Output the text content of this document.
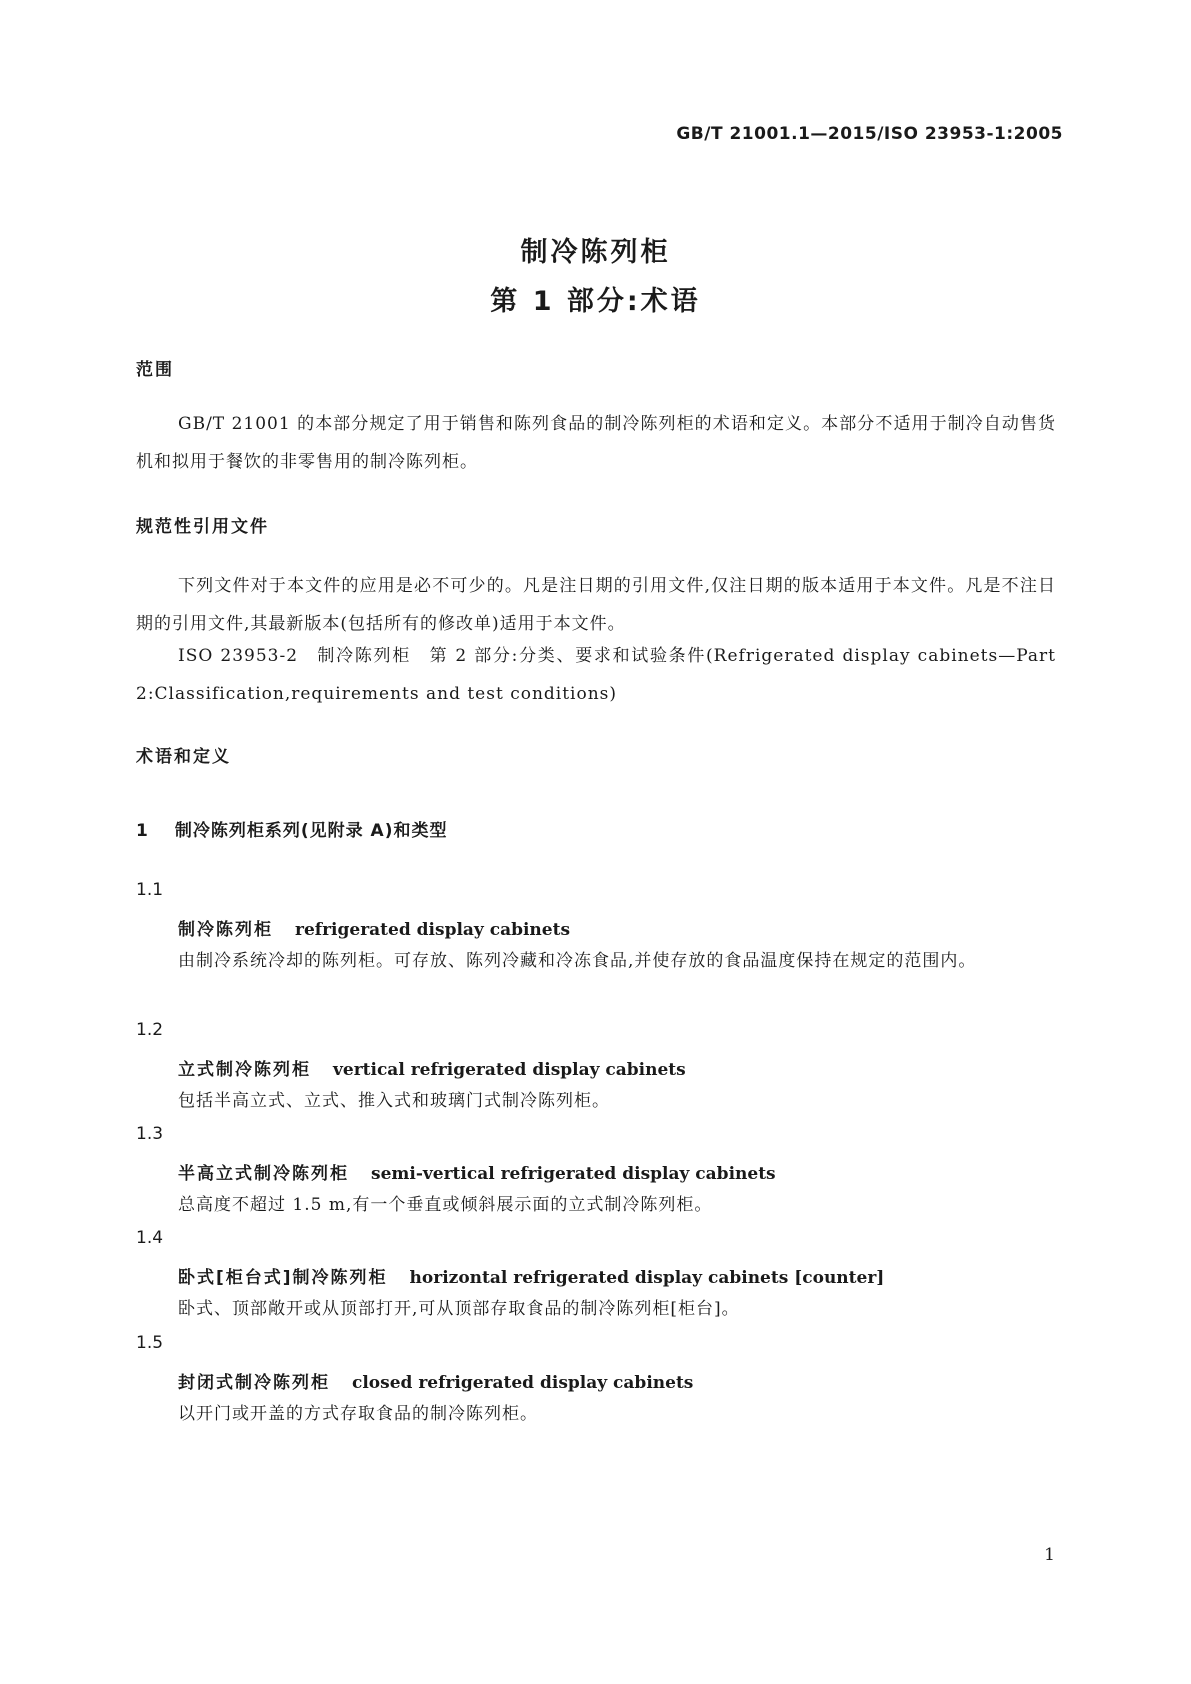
GB/T 21001.1—2015/ISO 23953-1:2005
制冷陈列柜
第 1 部分:术语
范围
GB/T 21001 的本部分规定了用于销售和陈列食品的制冷陈列柜的术语和定义。本部分不适用于制冷自动售货机和拟用于餐饮的非零售用的制冷陈列柜。
规范性引用文件
下列文件对于本文件的应用是必不可少的。凡是注日期的引用文件,仅注日期的版本适用于本文件。凡是不注日期的引用文件,其最新版本(包括所有的修改单)适用于本文件。
ISO 23953-2　制冷陈列柜　第 2 部分:分类、要求和试验条件(Refrigerated display cabinets—Part 2:Classification,requirements and test conditions)
术语和定义
1 制冷陈列柜系列(见附录 A)和类型
1.1
制冷陈列柜 refrigerated display cabinets
由制冷系统冷却的陈列柜。可存放、陈列冷藏和冷冻食品,并使存放的食品温度保持在规定的范围内。
1.2
立式制冷陈列柜 vertical refrigerated display cabinets
包括半高立式、立式、推入式和玻璃门式制冷陈列柜。
1.3
半高立式制冷陈列柜 semi-vertical refrigerated display cabinets
总高度不超过 1.5 m,有一个垂直或倾斜展示面的立式制冷陈列柜。
1.4
卧式[柜台式]制冷陈列柜 horizontal refrigerated display cabinets [counter]
卧式、顶部敞开或从顶部打开,可从顶部存取食品的制冷陈列柜[柜台]。
1.5
封闭式制冷陈列柜 closed refrigerated display cabinets
以开门或开盖的方式存取食品的制冷陈列柜。
1
